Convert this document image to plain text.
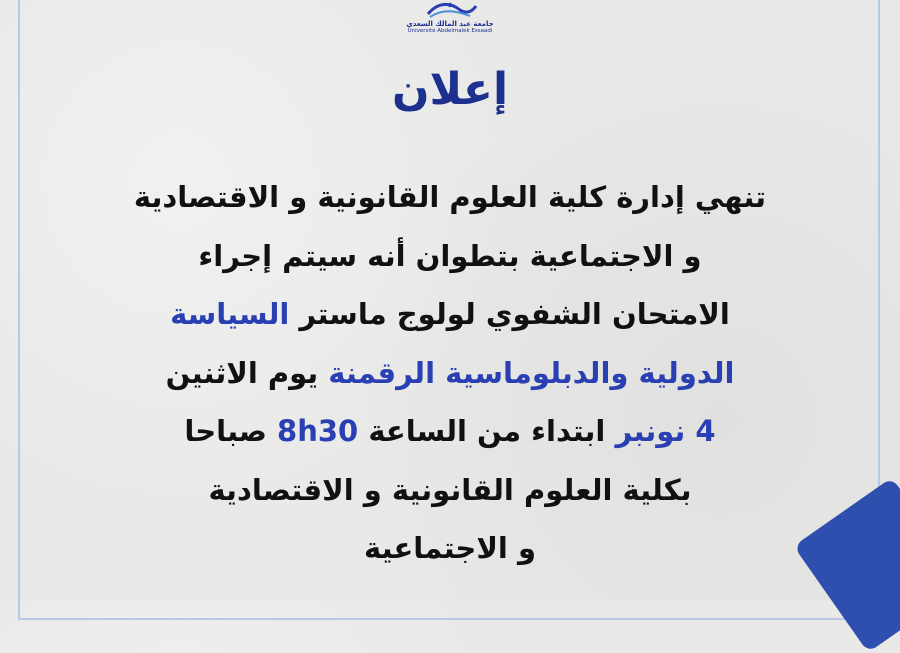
جامعة عبد المالك السعدي
Université Abdelmalek Essaadi
إعلان
تنهي إدارة كلية العلوم القانونية و الاقتصادية
و الاجتماعية بتطوان أنه سيتم إجراء
الامتحان الشفوي لولوج ماستر السياسة
الدولية والدبلوماسية الرقمنة يوم الاثنين
4 نونبر ابتداء من الساعة 8h30 صباحا
بكلية العلوم القانونية و الاقتصادية
و الاجتماعية
